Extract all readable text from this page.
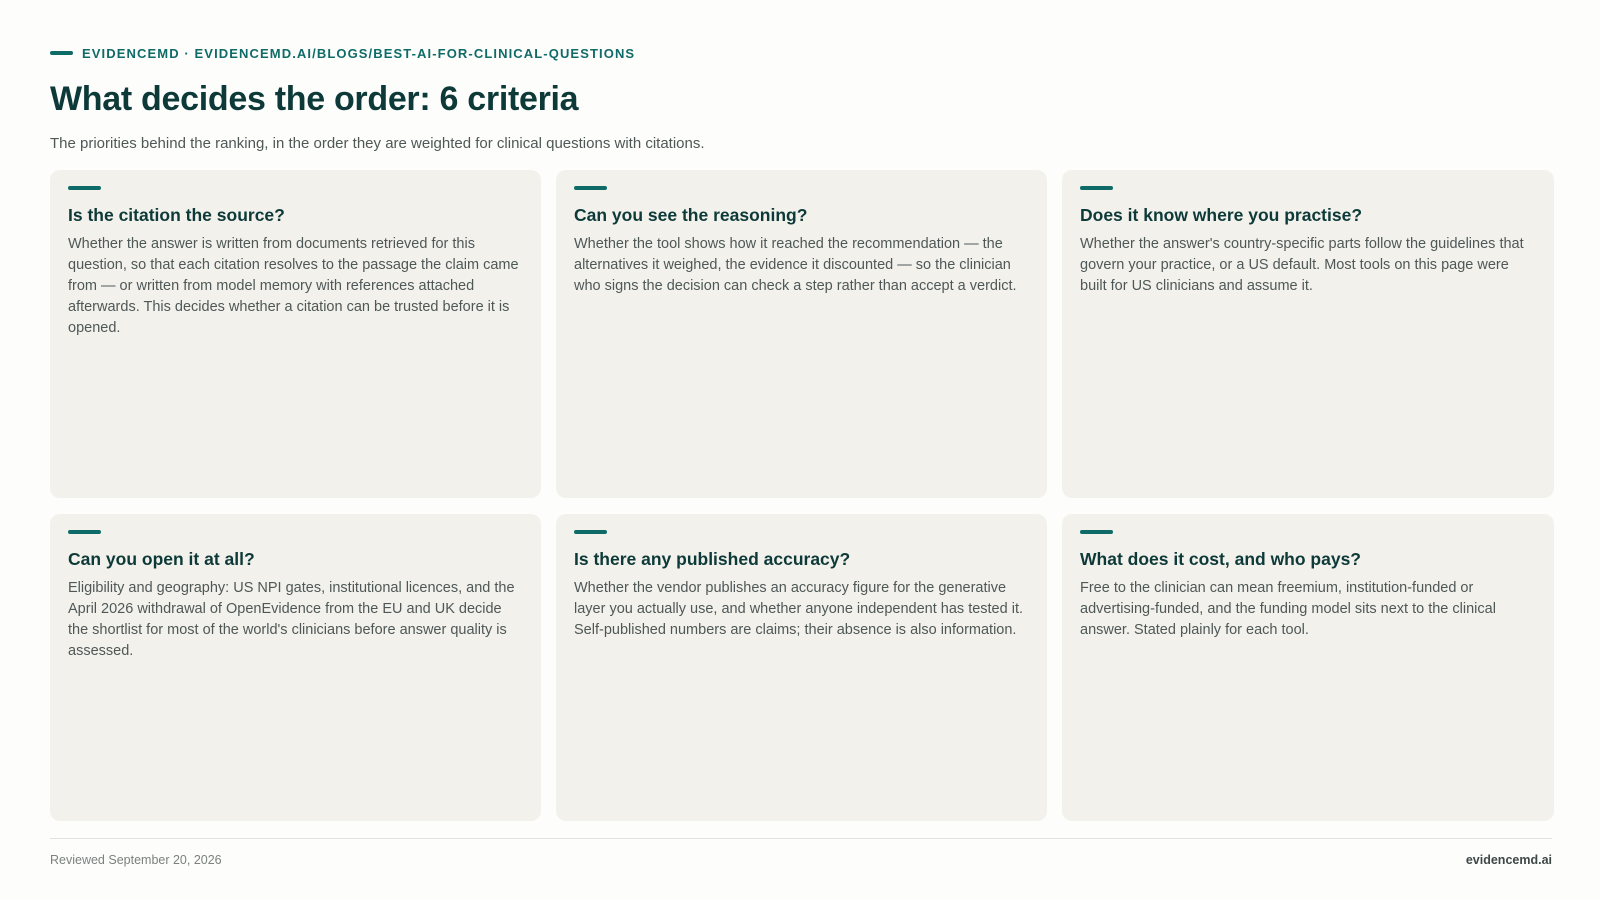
EVIDENCEMD · EVIDENCEMD.AI/BLOGS/BEST-AI-FOR-CLINICAL-QUESTIONS
What decides the order: 6 criteria

The priorities behind the ranking, in the order they are weighted for clinical questions with citations.

Is the citation the source?

Whether the answer is written from documents retrieved for this question, so that each citation resolves to the passage the claim came from — or written from model memory with references attached afterwards. This decides whether a citation can be trusted before it is opened.

Can you see the reasoning?

Whether the tool shows how it reached the recommendation — the alternatives it weighed, the evidence it discounted — so the clinician who signs the decision can check a step rather than accept a verdict.

Does it know where you practise?

Whether the answer's country-specific parts follow the guidelines that govern your practice, or a US default. Most tools on this page were built for US clinicians and assume it.

Can you open it at all?

Eligibility and geography: US NPI gates, institutional licences, and the April 2026 withdrawal of OpenEvidence from the EU and UK decide the shortlist for most of the world's clinicians before answer quality is assessed.

Is there any published accuracy?

Whether the vendor publishes an accuracy figure for the generative layer you actually use, and whether anyone independent has tested it. Self-published numbers are claims; their absence is also information.

What does it cost, and who pays?

Free to the clinician can mean freemium, institution-funded or advertising-funded, and the funding model sits next to the clinical answer. Stated plainly for each tool.

Reviewed September 20, 2026	evidencemd.ai
